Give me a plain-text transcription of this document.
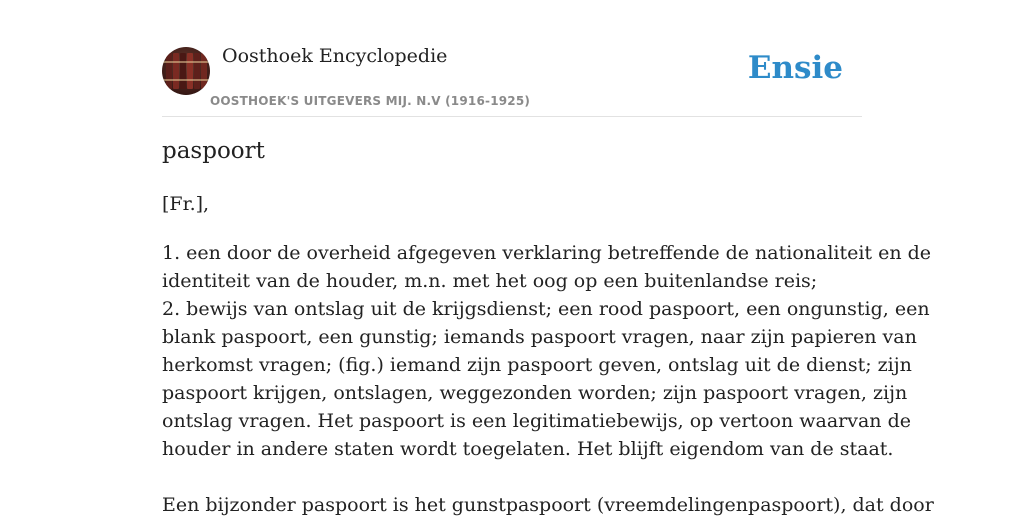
Oosthoek Encyclopedie
OOSTHOEK'S UITGEVERS MIJ. N.V (1916-1925)
Ensie
paspoort

[Fr.],

1. een door de overheid afgegeven verklaring betreffende de nationaliteit en de
identiteit van de houder, m.n. met het oog op een buitenlandse reis;
2. bewijs van ontslag uit de krijgsdienst; een rood paspoort, een ongunstig, een
blank paspoort, een gunstig; iemands paspoort vragen, naar zijn papieren van
herkomst vragen; (fig.) iemand zijn paspoort geven, ontslag uit de dienst; zijn
paspoort krijgen, ontslagen, weggezonden worden; zijn paspoort vragen, zijn
ontslag vragen. Het paspoort is een legitimatiebewijs, op vertoon waarvan de
houder in andere staten wordt toegelaten. Het blijft eigendom van de staat.
Een bijzonder paspoort is het gunstpaspoort (vreemdelingenpaspoort), dat door
